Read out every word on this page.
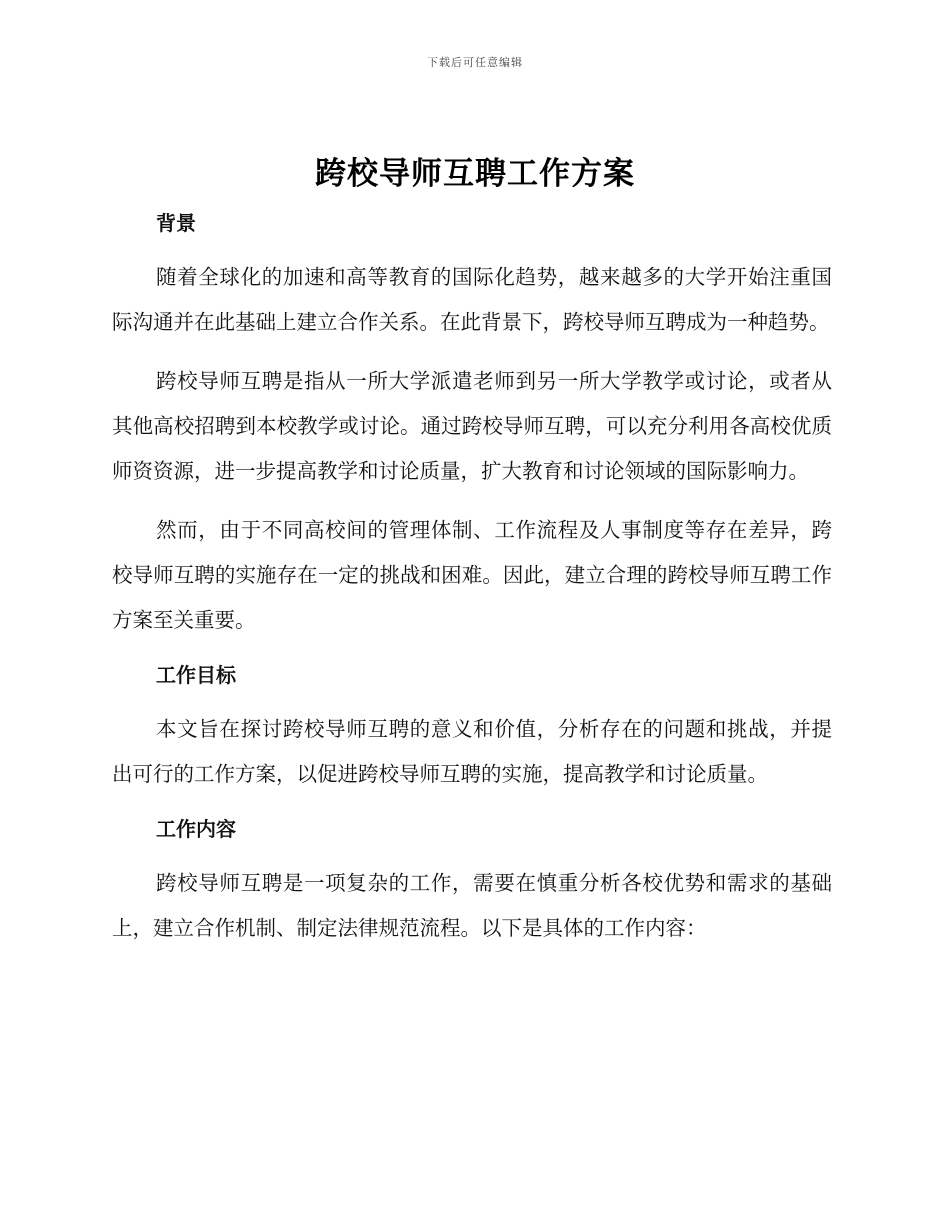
下载后可任意编辑
跨校导师互聘工作方案
背景

随着全球化的加速和高等教育的国际化趋势，越来越多的大学开始注重国际沟通并在此基础上建立合作关系。在此背景下，跨校导师互聘成为一种趋势。

跨校导师互聘是指从一所大学派遣老师到另一所大学教学或讨论，或者从其他高校招聘到本校教学或讨论。通过跨校导师互聘，可以充分利用各高校优质师资资源，进一步提高教学和讨论质量，扩大教育和讨论领域的国际影响力。

然而，由于不同高校间的管理体制、工作流程及人事制度等存在差异，跨校导师互聘的实施存在一定的挑战和困难。因此，建立合理的跨校导师互聘工作方案至关重要。

工作目标

本文旨在探讨跨校导师互聘的意义和价值，分析存在的问题和挑战，并提出可行的工作方案，以促进跨校导师互聘的实施，提高教学和讨论质量。

工作内容

跨校导师互聘是一项复杂的工作，需要在慎重分析各校优势和需求的基础上，建立合作机制、制定法律规范流程。以下是具体的工作内容：
